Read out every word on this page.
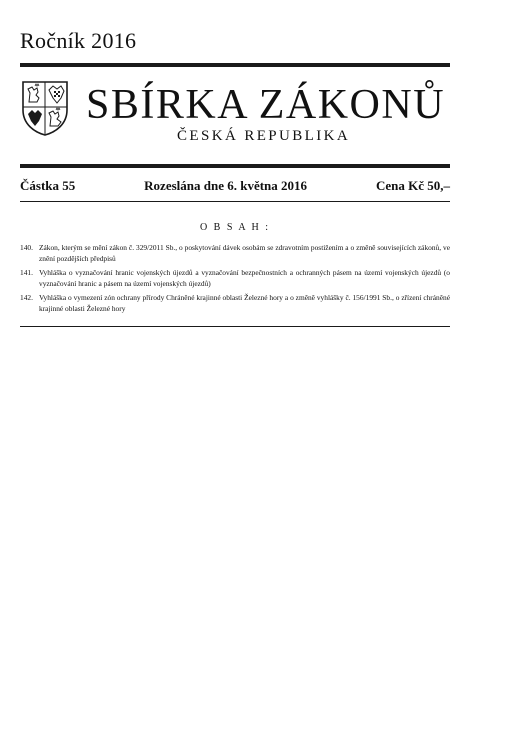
Ročník 2016
SBÍRKA ZÁKONŮ
ČESKÁ REPUBLIKA
Částka 55	Rozeslána dne 6. května 2016	Cena Kč 50,–
O B S A H :
140. Zákon, kterým se mění zákon č. 329/2011 Sb., o poskytování dávek osobám se zdravotním postižením a o změně souvisejících zákonů, ve znění pozdějších předpisů
141. Vyhláška o vyznačování hranic vojenských újezdů a vyznačování bezpečnostních a ochranných pásem na území vojenských újezdů (o vyznačování hranic a pásem na území vojenských újezdů)
142. Vyhláška o vymezení zón ochrany přírody Chráněné krajinné oblasti Železné hory a o změně vyhlášky č. 156/1991 Sb., o zřízení chráněné krajinné oblasti Železné hory
